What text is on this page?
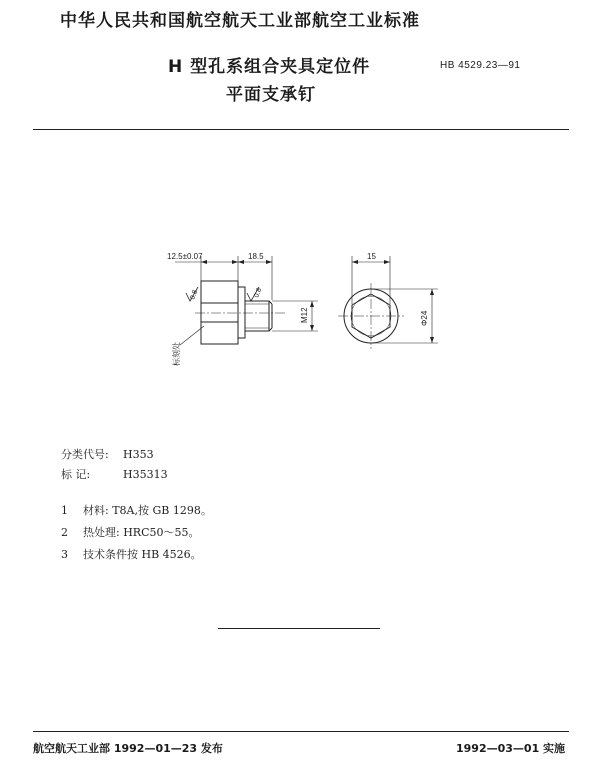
中华人民共和国航空航天工业部航空工业标准
H 型孔系组合夹具定位件
平面支承钉
HB 4529.23—91
12.5±0.07	18.5
0.8	0.8
M12
标刻处
15
Φ24
分类代号: H353
标 记:	H35313
1 材料: T8A,按 GB 1298。
2 热处理: HRC50～55。
3 技术条件按 HB 4526。
航空航天工业部 1992—01—23 发布	1992—03—01 实施
